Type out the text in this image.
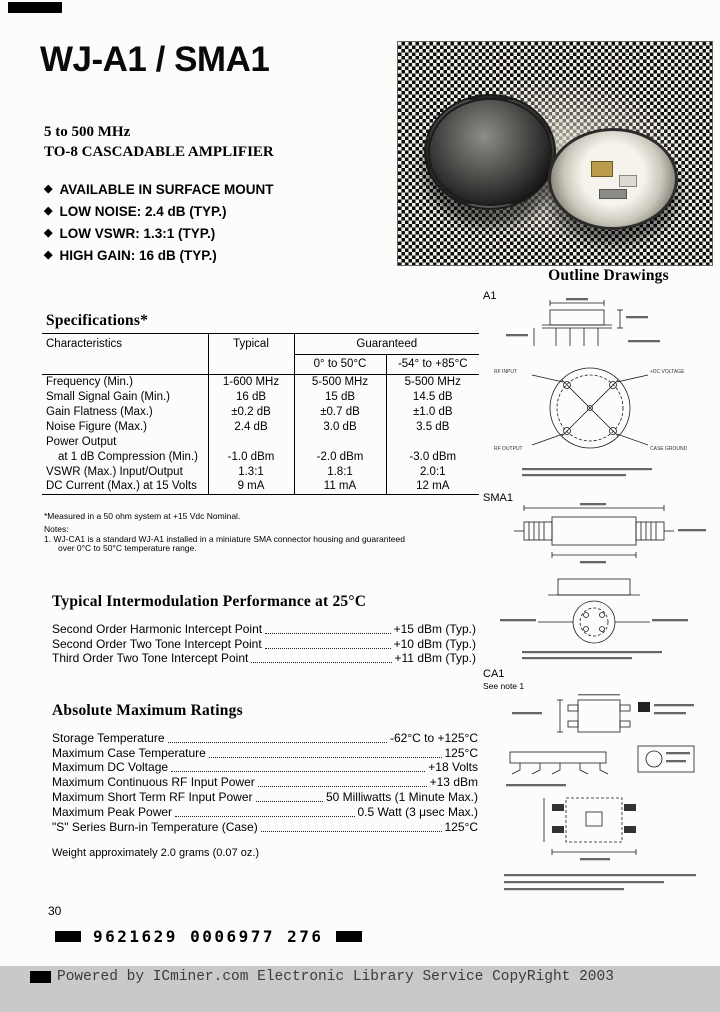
WJ-A1 / SMA1
5 to 500 MHz
TO-8 CASCADABLE AMPLIFIER
◆ AVAILABLE IN SURFACE MOUNT
◆ LOW NOISE: 2.4 dB (TYP.)
◆ LOW VSWR: 1.3:1 (TYP.)
◆ HIGH GAIN: 16 dB (TYP.)
Outline Drawings
A1
RF INPUT	+DC VOLTAGE
RF OUTPUT	CASE GROUND
SMA1
CA1
See note 1
Specifications*
Characteristics	Typical	Guaranteed	
		0° to 50°C	-54° to +85°C
Frequency (Min.)	1-600 MHz	5-500 MHz	5-500 MHz
Small Signal Gain (Min.)	16 dB	15 dB	14.5 dB
Gain Flatness (Max.)	±0.2 dB	±0.7 dB	±1.0 dB
Noise Figure (Max.)	2.4 dB	3.0 dB	3.5 dB
Power Output			
at 1 dB Compression (Min.)	-1.0 dBm	-2.0 dBm	-3.0 dBm
VSWR (Max.) Input/Output	1.3:1	1.8:1	2.0:1
DC Current (Max.) at 15 Volts	9 mA	11 mA	12 mA
*Measured in a 50 ohm system at +15 Vdc Nominal.
Notes:
1. WJ-CA1 is a standard WJ-A1 installed in a miniature SMA connector housing and guaranteed
over 0°C to 50°C temperature range.
Typical Intermodulation Performance at 25°C
Second Order Harmonic Intercept Point	+15 dBm (Typ.)
Second Order Two Tone Intercept Point	+10 dBm (Typ.)
Third Order Two Tone Intercept Point	+11 dBm (Typ.)
Absolute Maximum Ratings
Storage Temperature	-62°C to +125°C
Maximum Case Temperature	125°C
Maximum DC Voltage	+18 Volts
Maximum Continuous RF Input Power	+13 dBm
Maximum Short Term RF Input Power	50 Milliwatts (1 Minute Max.)
Maximum Peak Power	0.5 Watt (3 μsec Max.)
"S" Series Burn-in Temperature (Case)	125°C
Weight approximately 2.0 grams (0.07 oz.)
30
9621629 0006977 276
Powered by ICminer.com Electronic Library Service CopyRight 2003
